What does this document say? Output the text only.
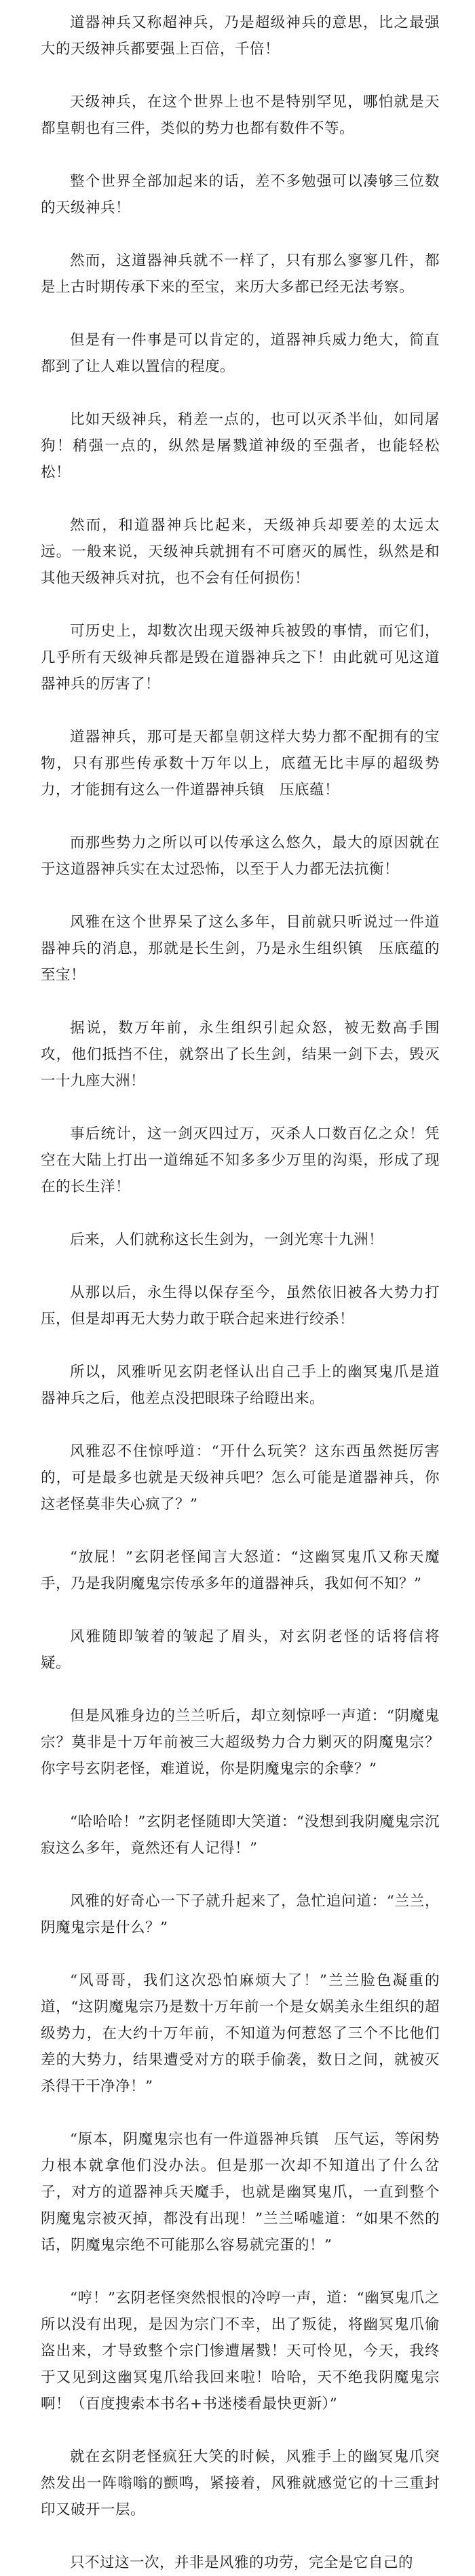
道器神兵又称超神兵，乃是超级神兵的意思，比之最强大的天级神兵都要强上百倍，千倍！

天级神兵，在这个世界上也不是特别罕见，哪怕就是天都皇朝也有三件，类似的势力也都有数件不等。

整个世界全部加起来的话，差不多勉强可以凑够三位数的天级神兵！

然而，这道器神兵就不一样了，只有那么寥寥几件，都是上古时期传承下来的至宝，来历大多都已经无法考察。

但是有一件事是可以肯定的，道器神兵威力绝大，简直都到了让人难以置信的程度。

比如天级神兵，稍差一点的，也可以灭杀半仙，如同屠狗！稍强一点的，纵然是屠戮道神级的至强者，也能轻松松！

然而，和道器神兵比起来，天级神兵却要差的太远太远。一般来说，天级神兵就拥有不可磨灭的属性，纵然是和其他天级神兵对抗，也不会有任何损伤！

可历史上，却数次出现天级神兵被毁的事情，而它们，几乎所有天级神兵都是毁在道器神兵之下！由此就可见这道器神兵的厉害了！

道器神兵，那可是天都皇朝这样大势力都不配拥有的宝物，只有那些传承数十万年以上，底蕴无比丰厚的超级势力，才能拥有这么一件道器神兵镇　压底蕴！

而那些势力之所以可以传承这么悠久，最大的原因就在于这道器神兵实在太过恐怖，以至于人力都无法抗衡！

风雅在这个世界呆了这么多年，目前就只听说过一件道器神兵的消息，那就是长生剑，乃是永生组织镇　压底蕴的至宝！

据说，数万年前，永生组织引起众怒，被无数高手围攻，他们抵挡不住，就祭出了长生剑，结果一剑下去，毁灭一十九座大洲！

事后统计，这一剑灭四过万，灭杀人口数百亿之众！凭空在大陆上打出一道绵延不知多多少万里的沟渠，形成了现在的长生洋！

后来，人们就称这长生剑为，一剑光寒十九洲！

从那以后，永生得以保存至今，虽然依旧被各大势力打压，但是却再无大势力敢于联合起来进行绞杀！

所以，风雅听见玄阴老怪认出自己手上的幽冥鬼爪是道器神兵之后，他差点没把眼珠子给瞪出来。

风雅忍不住惊呼道：“开什么玩笑？这东西虽然挺厉害的，可是最多也就是天级神兵吧？怎么可能是道器神兵，你这老怪莫非失心疯了？”

“放屁！”玄阴老怪闻言大怒道：“这幽冥鬼爪又称天魔手，乃是我阴魔鬼宗传承多年的道器神兵，我如何不知？”

风雅随即皱着的皱起了眉头，对玄阴老怪的话将信将疑。

但是风雅身边的兰兰听后，却立刻惊呼一声道：“阴魔鬼宗？莫非是十万年前被三大超级势力合力剿灭的阴魔鬼宗？你字号玄阴老怪，难道说，你是阴魔鬼宗的余孽？”

“哈哈哈！”玄阴老怪随即大笑道：“没想到我阴魔鬼宗沉寂这么多年，竟然还有人记得！”

风雅的好奇心一下子就升起来了，急忙追问道：“兰兰，阴魔鬼宗是什么？”

“风哥哥，我们这次恐怕麻烦大了！”兰兰脸色凝重的道，“这阴魔鬼宗乃是数十万年前一个是女娲美永生组织的超级势力，在大约十万年前，不知道为何惹怒了三个不比他们差的大势力，结果遭受对方的联手偷袭，数日之间，就被灭杀得干干净净！”

“原本，阴魔鬼宗也有一件道器神兵镇　压气运，等闲势力根本就拿他们没办法。但是那一次却不知道出了什么岔子，对方的道器神兵天魔手，也就是幽冥鬼爪，一直到整个阴魔鬼宗被灭掉，都没有出现！”兰兰唏嘘道：“如果不然的话，阴魔鬼宗绝不可能那么容易就完蛋的！”

“哼！”玄阴老怪突然恨恨的冷哼一声，道：“幽冥鬼爪之所以没有出现，是因为宗门不幸，出了叛徒，将幽冥鬼爪偷盗出来，才导致整个宗门惨遭屠戮！天可怜见，今天，我终于又见到这幽冥鬼爪给我回来啦！哈哈，天不绝我阴魔鬼宗啊！（百度搜索本书名+书迷楼看最快更新）”

就在玄阴老怪疯狂大笑的时候，风雅手上的幽冥鬼爪突然发出一阵嗡嗡的颤鸣，紧接着，风雅就感觉它的十三重封印又破开一层。

只不过这一次，并非是风雅的功劳，完全是它自己的
